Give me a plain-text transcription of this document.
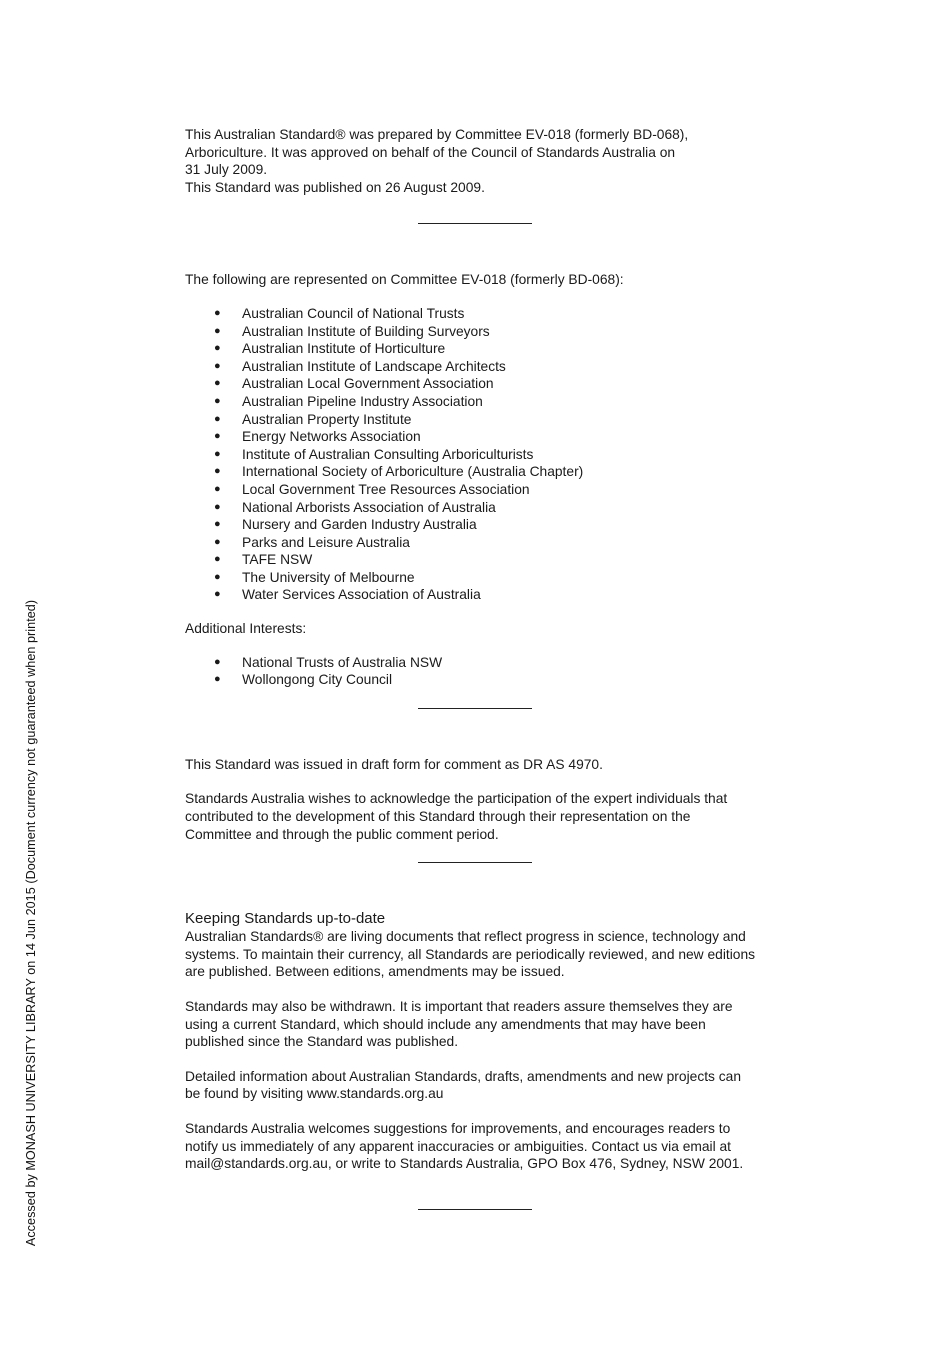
Accessed by MONASH UNIVERSITY LIBRARY on 14 Jun 2015 (Document currency not guaranteed when printed)

This Australian Standard® was prepared by Committee EV-018 (formerly BD-068),

Arboriculture. It was approved on behalf of the Council of Standards Australia on

31 July 2009.

This Standard was published on 26 August 2009.

The following are represented on Committee EV-018 (formerly BD-068):

● Australian Council of National Trusts
● Australian Institute of Building Surveyors
● Australian Institute of Horticulture
● Australian Institute of Landscape Architects
● Australian Local Government Association
● Australian Pipeline Industry Association
● Australian Property Institute
● Energy Networks Association
● Institute of Australian Consulting Arboriculturists
● International Society of Arboriculture (Australia Chapter)
● Local Government Tree Resources Association
● National Arborists Association of Australia
● Nursery and Garden Industry Australia
● Parks and Leisure Australia
● TAFE NSW
● The University of Melbourne
● Water Services Association of Australia

Additional Interests:

● National Trusts of Australia NSW
● Wollongong City Council

This Standard was issued in draft form for comment as DR AS 4970.

Standards Australia wishes to acknowledge the participation of the expert individuals that

contributed to the development of this Standard through their representation on the

Committee and through the public comment period.

Keeping Standards up-to-date

Australian Standards® are living documents that reflect progress in science, technology and

systems. To maintain their currency, all Standards are periodically reviewed, and new editions

are published. Between editions, amendments may be issued.

Standards may also be withdrawn. It is important that readers assure themselves they are

using a current Standard, which should include any amendments that may have been

published since the Standard was published.

Detailed information about Australian Standards, drafts, amendments and new projects can

be found by visiting www.standards.org.au

Standards Australia welcomes suggestions for improvements, and encourages readers to

notify us immediately of any apparent inaccuracies or ambiguities. Contact us via email at

mail@standards.org.au, or write to Standards Australia, GPO Box 476, Sydney, NSW 2001.
